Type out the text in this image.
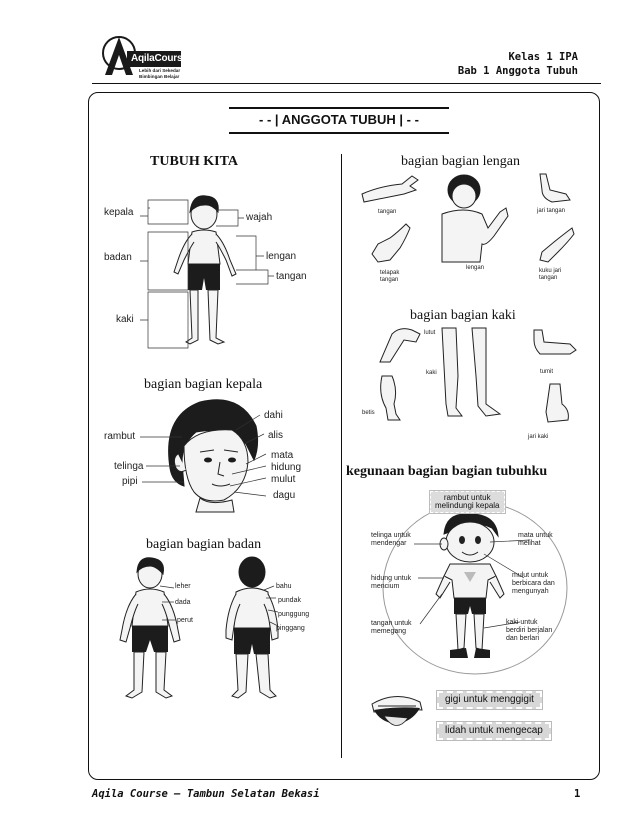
AqilaCourse
Lebih dari Sekedar
Bimbingan Belajar
Kelas 1 IPA
Bab 1 Anggota Tubuh
- - | ANGGOTA TUBUH | - -
TUBUH KITA
kepala
badan
kaki
wajah
lengan
tangan
bagian bagian kepala
rambut
telinga
pipi
dahi
alis
mata
hidung
mulut
dagu
bagian bagian badan
leher
dada
perut
bahu
pundak
punggung
pinggang
bagian bagian lengan
tangan	jari tangan
telapak
tangan
lengan	kuku jari
tangan
bagian bagian kaki
lutut
kaki	tumit
betis
jari kaki
kegunaan bagian bagian tubuhku
rambut untuk
melindungi kepala
telinga untuk
mendengar
mata untuk
melihat
hidung untuk
mencium
mulut untuk
berbicara dan
mengunyah
tangan untuk
memegang
kaki untuk
berdiri berjalan
dan berlari
gigi untuk menggigit
lidah untuk mengecap
Aqila Course – Tambun Selatan Bekasi	1
